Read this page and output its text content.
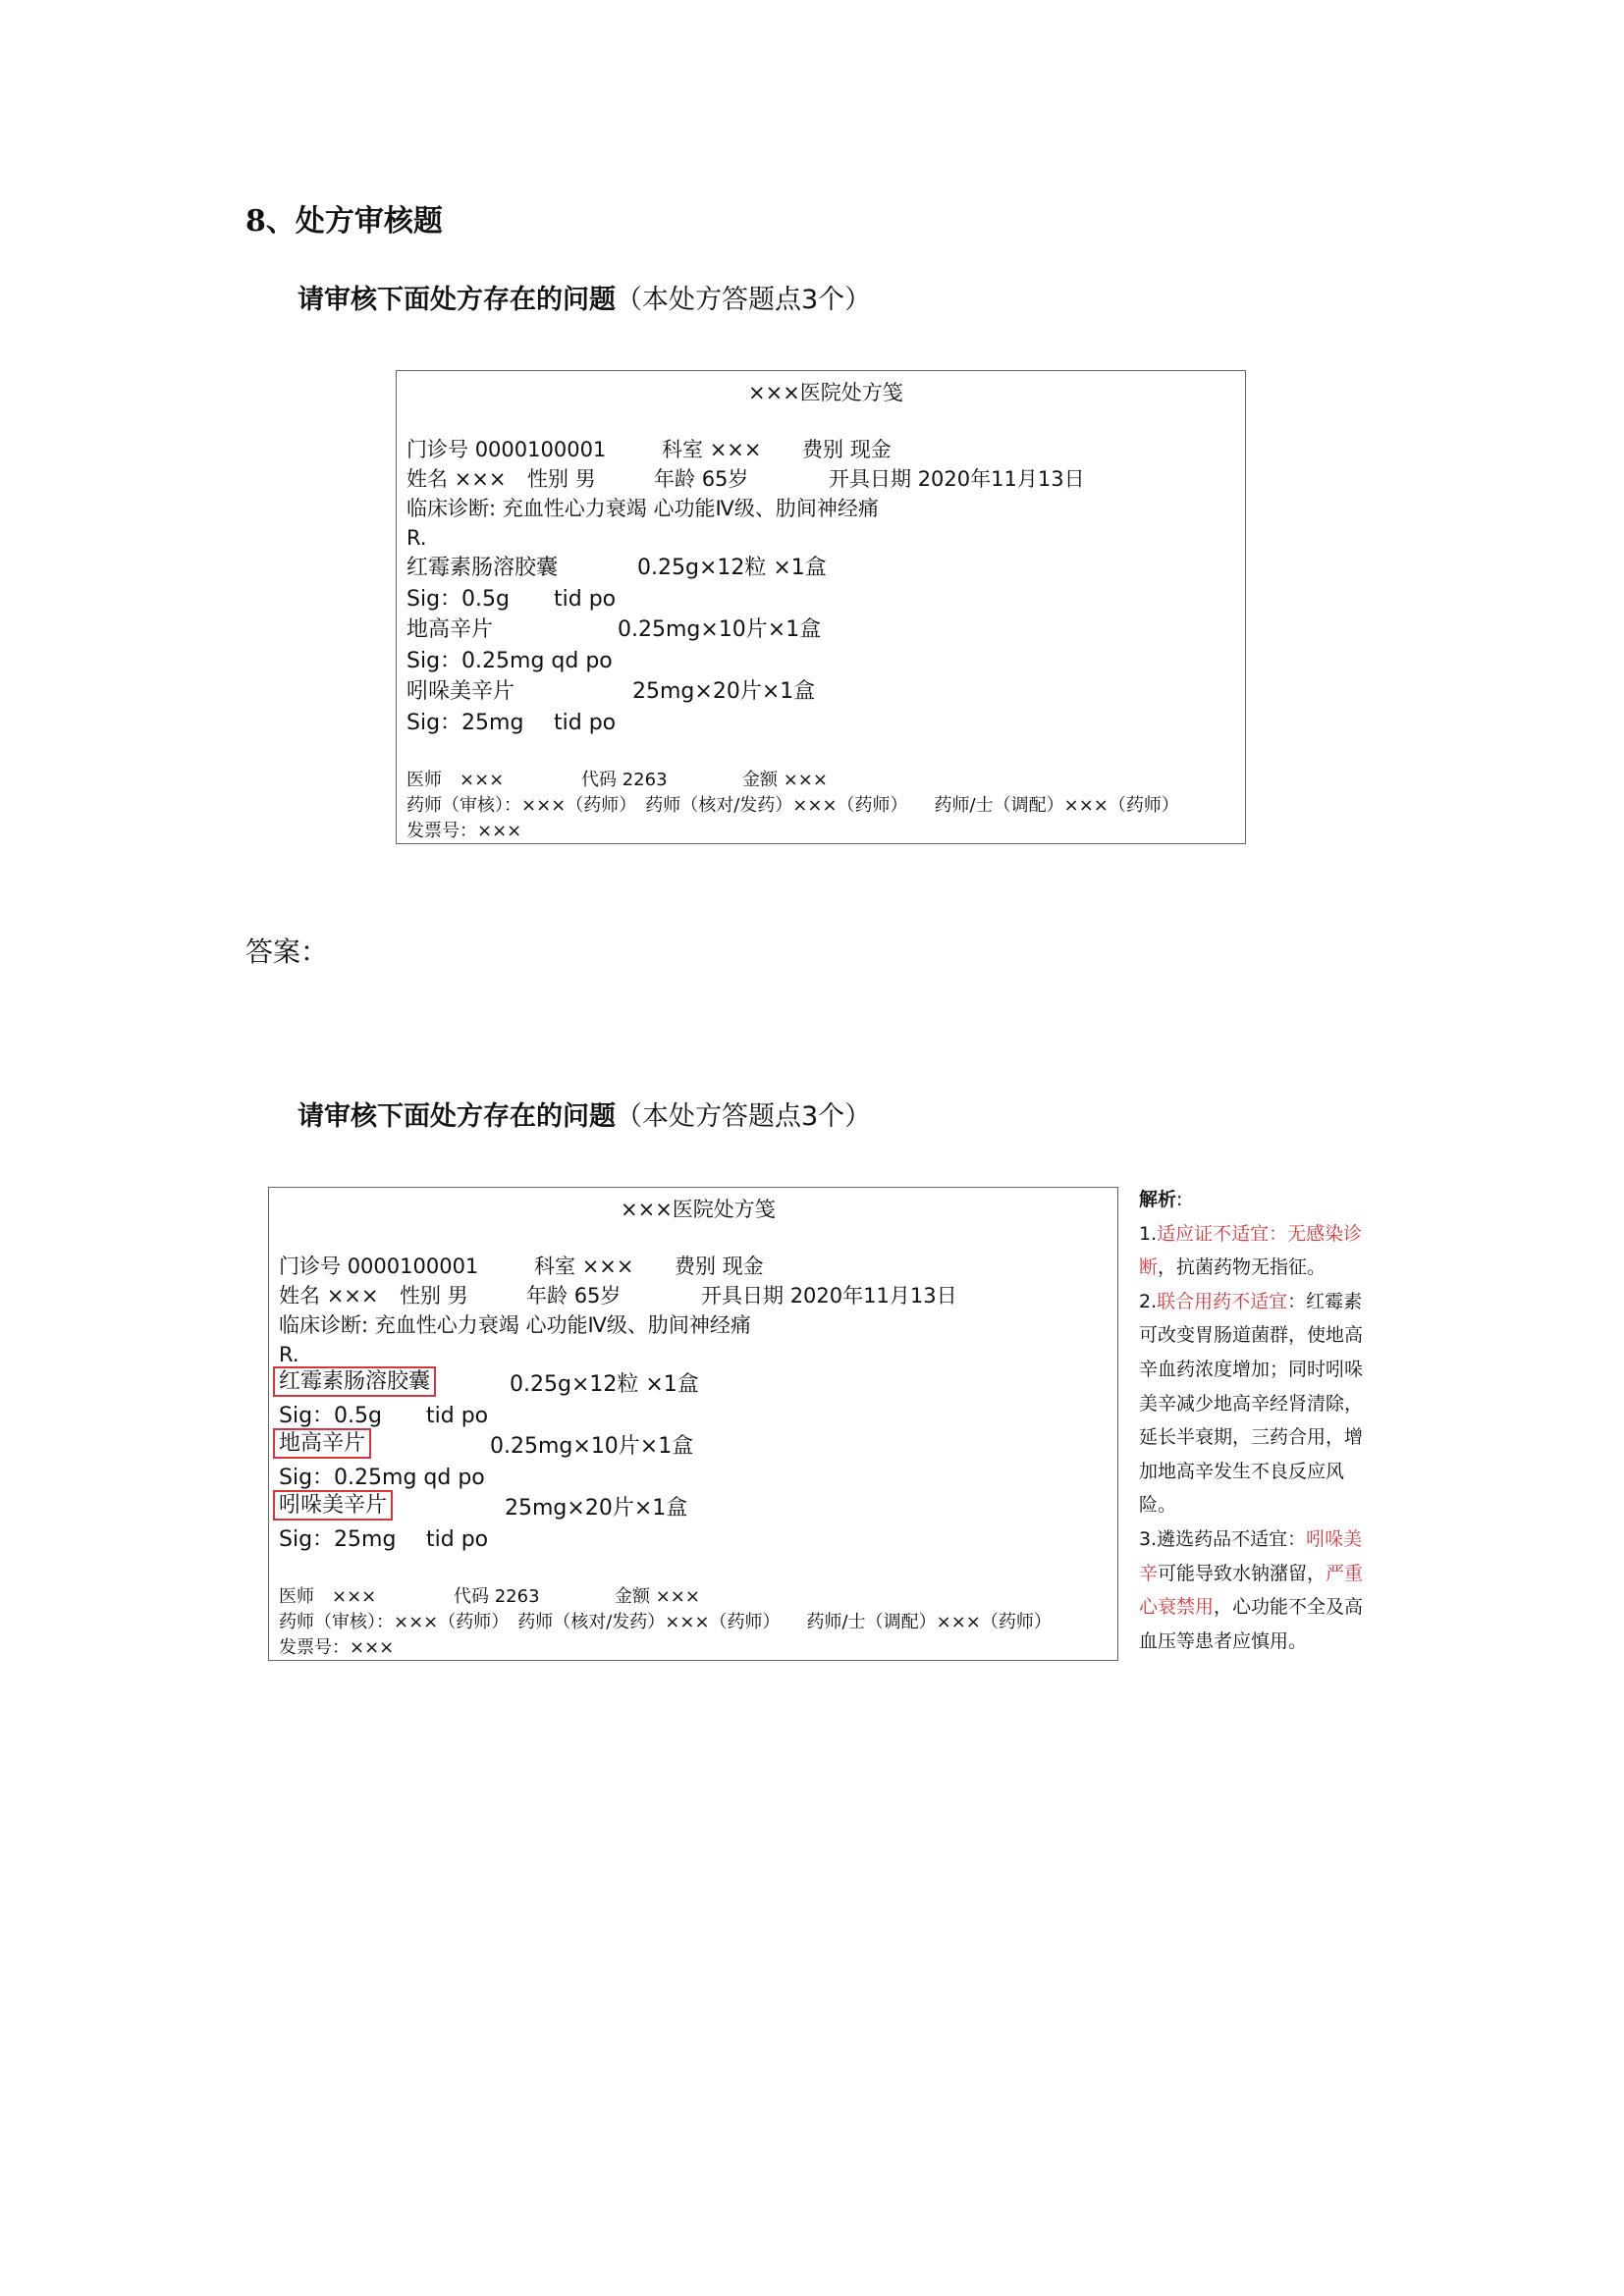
8、处方审核题
请审核下面处方存在的问题（本处方答题点3个）
×××医院处方笺
门诊号 0000100001	科室 ××× 费别 现金
姓名 ××× 性别 男	年龄 65岁	开具日期 2020年11月13日
临床诊断: 充血性心力衰竭 心功能Ⅳ级、肋间神经痛
R.
红霉素肠溶胶囊	0.25g×12粒 ×1盒
Sig：0.5g tid po
地高辛片	0.25mg×10片×1盒
Sig：0.25mg qd po
吲哚美辛片	25mg×20片×1盒
Sig：25mg tid po
医师　×××	代码 2263	金额 ×××
药师（审核）：×××（药师）　药师（核对/发药）×××（药师）　　药师/士（调配）×××（药师）
发票号：×××
答案：
请审核下面处方存在的问题（本处方答题点3个）
×××医院处方笺
门诊号 0000100001	科室 ××× 费别 现金
姓名 ××× 性别 男	年龄 65岁	开具日期 2020年11月13日
临床诊断: 充血性心力衰竭 心功能Ⅳ级、肋间神经痛
R.
红霉素肠溶胶囊	0.25g×12粒 ×1盒
Sig：0.5g tid po
地高辛片	0.25mg×10片×1盒
Sig：0.25mg qd po
吲哚美辛片	25mg×20片×1盒
Sig：25mg tid po
医师　×××	代码 2263	金额 ×××
药师（审核）：×××（药师）　药师（核对/发药）×××（药师）　　药师/士（调配）×××（药师）
发票号：×××
解析:
1.适应证不适宜：无感染诊断，抗菌药物无指征。
2.联合用药不适宜：红霉素可改变胃肠道菌群，使地高辛血药浓度增加；同时吲哚美辛减少地高辛经肾清除，延长半衰期，三药合用，增加地高辛发生不良反应风险。
3.遴选药品不适宜：吲哚美辛可能导致水钠潴留，严重心衰禁用，心功能不全及高血压等患者应慎用。
